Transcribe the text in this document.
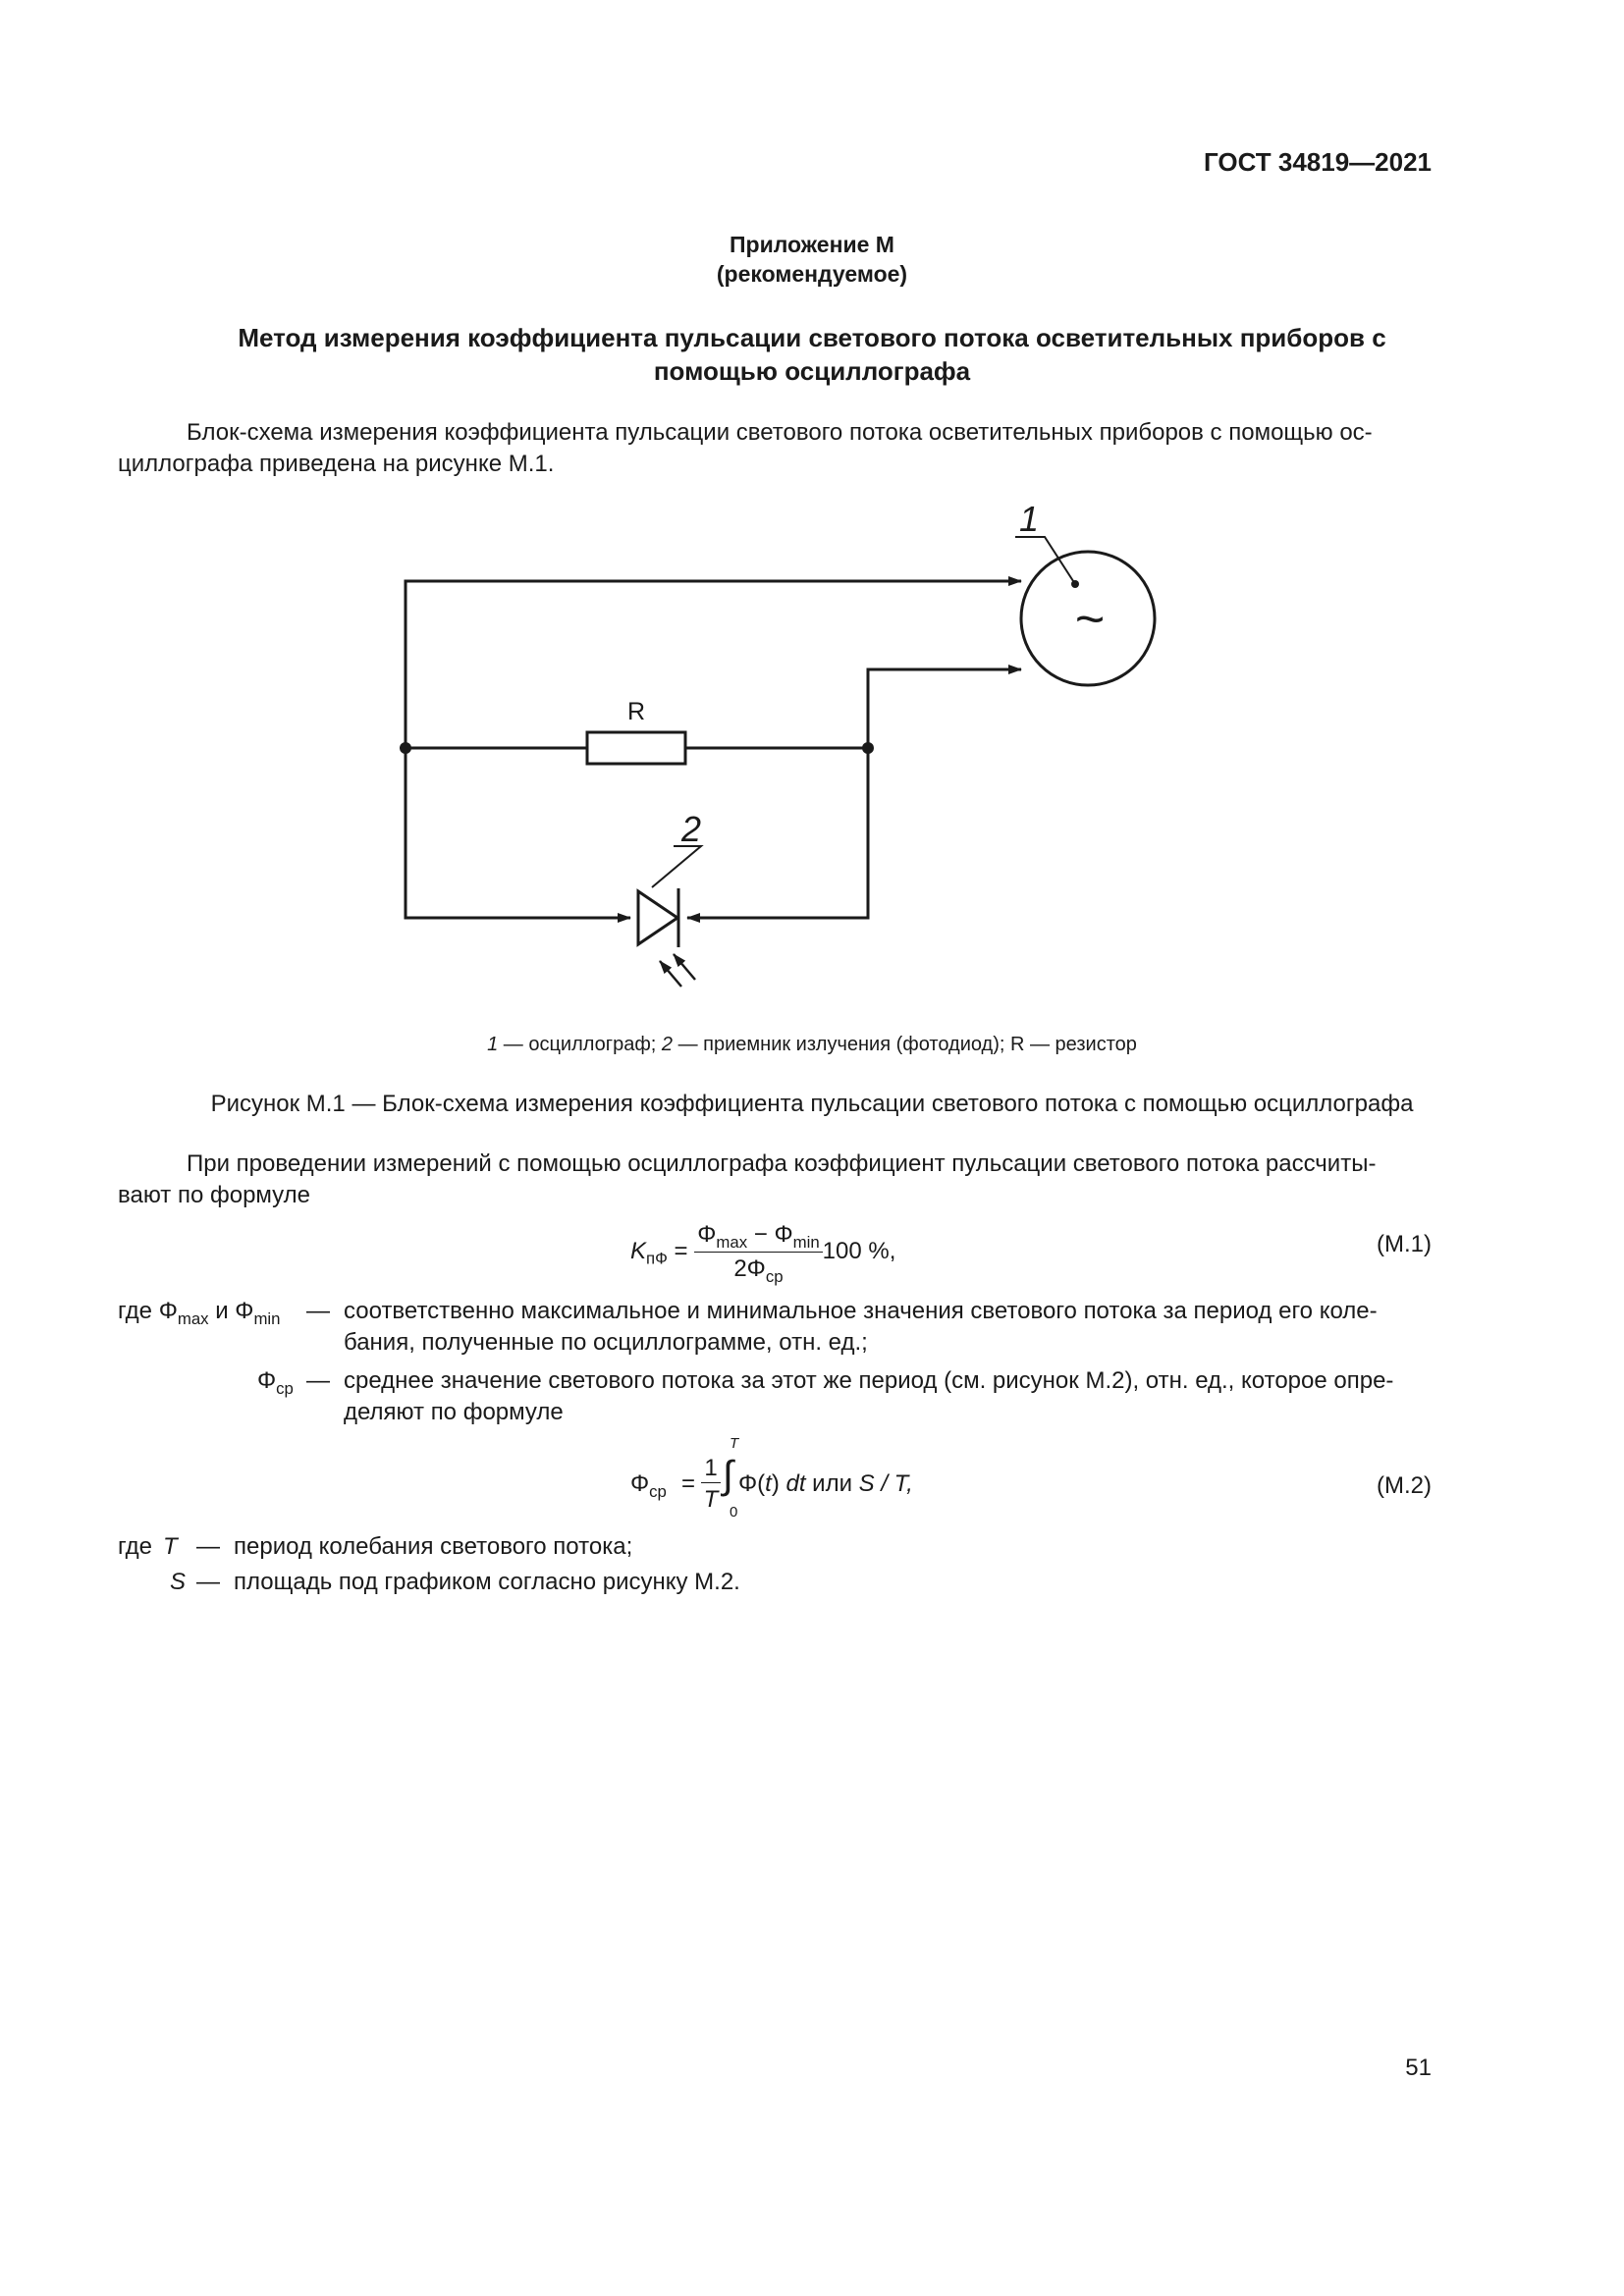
ГОСТ 34819—2021
Приложение М
(рекомендуемое)
Метод измерения коэффициента пульсации светового потока осветительных приборов с
помощью осциллографа
Блок-схема измерения коэффициента пульсации светового потока осветительных приборов с помощью ос-
циллографа приведена на рисунке М.1.
R
1
2
~
1 — осциллограф; 2 — приемник излучения (фотодиод); R — резистор
Рисунок М.1 — Блок-схема измерения коэффициента пульсации светового потока с помощью осциллографа
При проведении измерений с помощью осциллографа коэффициент пульсации светового потока рассчиты-
вают по формуле
$K_{пФ} = \frac{\Phi_{max} - \Phi_{min}}{2\Phi_{ср}} 100$ %,	(М.1)
где $\Phi_{max}$ и $\Phi_{min}$ — соответственно максимальное и минимальное значения светового потока за период его коле-
бания, полученные по осциллограмме, отн. ед.;
$\Phi_{ср}$ — среднее значение светового потока за этот же период (см. рисунок М.2), отн. ед., которое опре-
деляют по формуле
$\Phi_{ср}$ =
1
T
T
∫
0
Φ(t) dt или S / T,	(М.2)
где T — период колебания светового потока;
S — площадь под графиком согласно рисунку М.2.
51
